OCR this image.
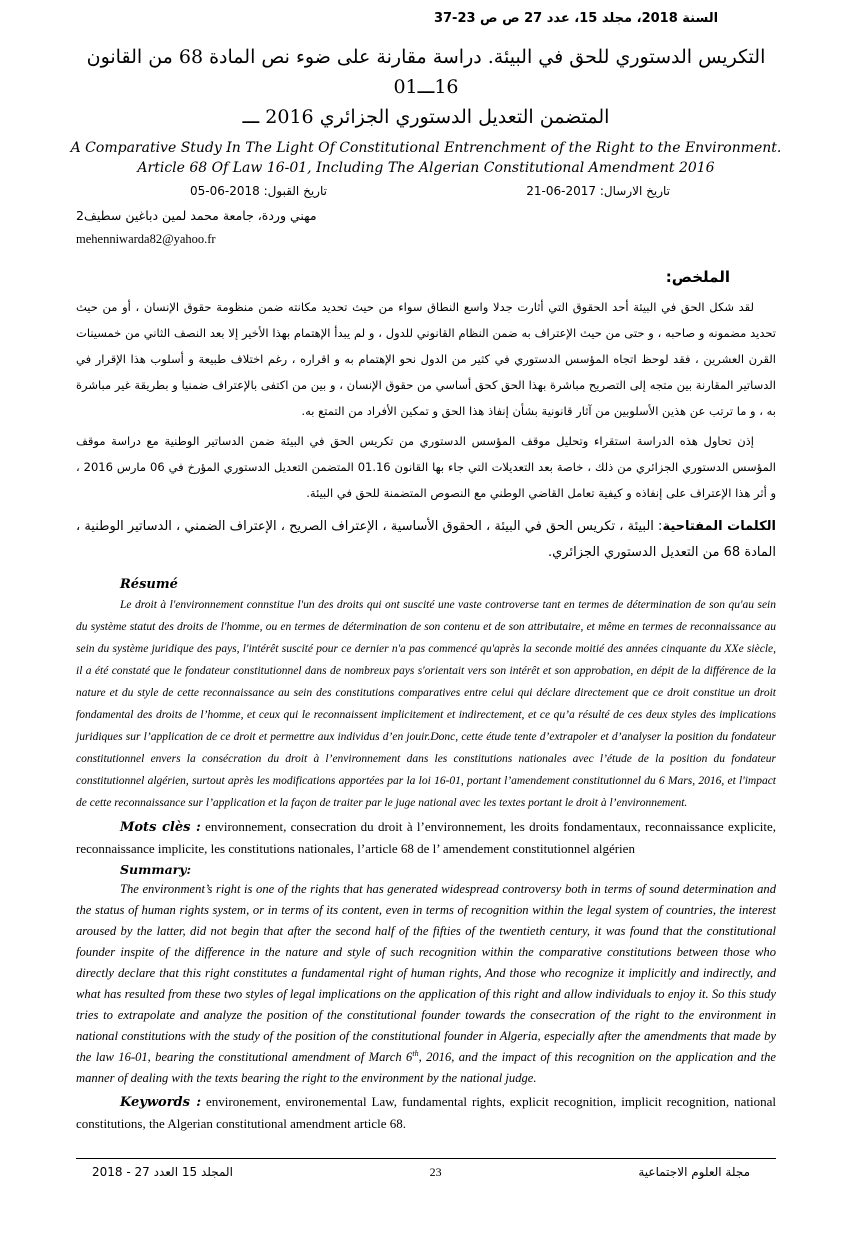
السنة 2018، مجلد 15، عدد 27 ص ص 23-37
التكريس الدستوري للحق في البيئة. دراسة مقارنة على ضوء نص المادة 68 من القانون 16ـــ01
المتضمن التعديل الدستوري الجزائري 2016 ـــ
A Comparative Study In The Light Of Constitutional Entrenchment of the Right to the Environment.
Article 68 Of Law 16-01, Including The Algerian Constitutional Amendment 2016
تاريخ الارسال: 2017-06-21
تاريخ القبول: 2018-06-05
مهني وردة، جامعة محمد لمين دباغين سطيف2
mehenniwarda82@yahoo.fr
الملخص:

لقد شكل الحق في البيئة أحد الحقوق التي أثارت جدلا واسع النطاق سواء من حيث تحديد مكانته ضمن منظومة حقوق الإنسان ، أو من حيث تحديد مضمونه و صاحبه ، و حتى من حيث الإعتراف به ضمن النظام القانوني للدول ، و لم يبدأ الإهتمام بهذا الأخير إلا بعد النصف الثاني من خمسينات القرن العشرين ، فقد لوحظ اتجاه المؤسس الدستوري في كثير من الدول نحو الإهتمام به و اقراره ، رغم اختلاف طبيعة و أسلوب هذا الإقرار في الدساتير المقارنة بين متجه إلى التصريح مباشرة بهذا الحق كحق أساسي من حقوق الإنسان ، و بين من اكتفى بالإعتراف ضمنيا و بطريقة غير مباشرة به ، و ما ترتب عن هذين الأسلوبين من آثار قانونية بشأن إنفاذ هذا الحق و تمكين الأفراد من التمتع به.

إذن تحاول هذه الدراسة استقراء وتحليل موقف المؤسس الدستوري من تكريس الحق في البيئة ضمن الدساتير الوطنية مع دراسة موقف المؤسس الدستوري الجزائري من ذلك ، خاصة بعد التعديلات التي جاء بها القانون 01.16 المتضمن التعديل الدستوري المؤرخ في 06 مارس 2016 ، و أثر هذا الإعتراف على إنفاذه و كيفية تعامل القاضي الوطني مع النصوص المتضمنة للحق في البيئة.

الكلمات المفتاحية: البيئة ، تكريس الحق في البيئة ، الحقوق الأساسية ، الإعتراف الصريح ، الإعتراف الضمني ، الدساتير الوطنية ، المادة 68 من التعديل الدستوري الجزائري.
Résumé
Le droit à l'environnement connstitue l'un des droits qui ont suscité une vaste controverse tant en termes de détermination de son qu'au sein du système statut des droits de l'homme, ou en termes de détermination de son contenu et de son attributaire, et même en termes de reconnaissance au sein du système juridique des pays, l'intérêt suscité pour ce dernier n'a pas commencé qu'après la seconde moitié des années cinquante du XXe siècle, il a été constaté que le fondateur constitutionnel dans de nombreux pays s'orientait vers son intérêt et son approbation, en dépit de la différence de la nature et du style de cette reconnaissance au sein des constitutions comparatives entre celui qui déclare directement que ce droit constitue un droit fondamental des droits de l’homme, et ceux qui le reconnaissent implicitement et indirectement, et ce qu’a résulté de ces deux styles des implications juridiques sur l’application de ce droit et permettre aux individus d’en jouir.Donc, cette étude tente d’extrapoler et d’analyser la position du fondateur constitutionnel envers la consécration du droit à l’environnement dans les constitutions nationales avec l’étude de la position du fondateur constitutionnel algérien, surtout après les modifications apportées par la loi 16-01, portant l’amendement constitutionnel du 6 Mars, 2016, et l'impact de cette reconnaissance sur l’application et la façon de traiter par le juge national avec les textes portant le droit à l’environnement.
Mots clès : environnement, consecration du droit à l’environnement, les droits fondamentaux, reconnaissance explicite, reconnaissance implicite, les constitutions nationales, l’article 68 de l’ amendement constitutionnel algérien
Summary:
The environment’s right is one of the rights that has generated widespread controversy both in terms of sound determination and the status of human rights system, or in terms of its content, even in terms of recognition within the legal system of countries, the interest aroused by the latter, did not begin that after the second half of the fifties of the twentieth century, it was found that the constitutional founder inspite of the difference in the nature and style of such recognition within the comparative constitutions between those who directly declare that this right constitutes a fundamental right of human rights, And those who recognize it implicitly and indirectly, and what has resulted from these two styles of legal implications on the application of this right and allow individuals to enjoy it. So this study tries to extrapolate and analyze the position of the constitutional founder towards the consecration of the right to the environment in national constitutions with the study of the position of the constitutional founder in Algeria, especially after the amendments that made by the law 16-01, bearing the constitutional amendment of March 6th, 2016, and the impact of this recognition on the application and the manner of dealing with the texts bearing the right to the environment by the national judge.
Keywords : environement, environemental Law, fundamental rights, explicit recognition, implicit recognition, national constitutions, the Algerian constitutional amendment article 68.
المجلد 15 العدد 27 - 2018	23	مجلة العلوم الاجتماعية
